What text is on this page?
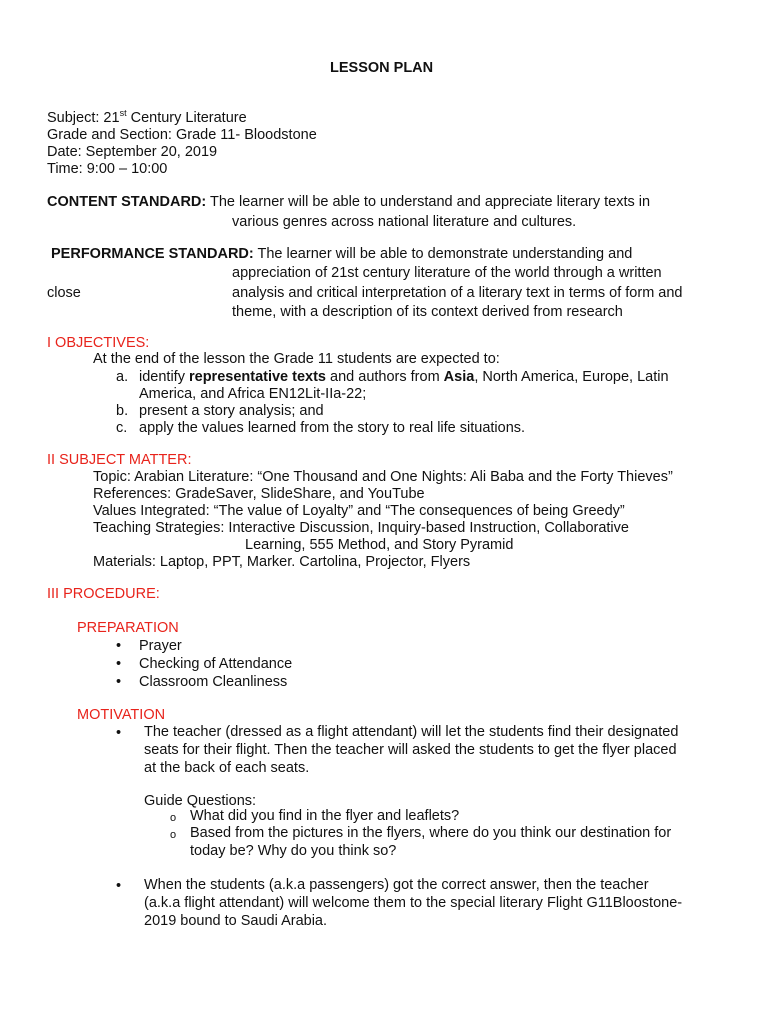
LESSON PLAN
Subject: 21st Century Literature
Grade and Section: Grade 11- Bloodstone
Date: September 20, 2019
Time: 9:00 – 10:00
CONTENT STANDARD: The learner will be able to understand and appreciate literary texts in
various genres across national literature and cultures.
PERFORMANCE STANDARD: The learner will be able to demonstrate understanding and
appreciation of 21st century literature of the world through a written
close	analysis and critical interpretation of a literary text in terms of form and
theme, with a description of its context derived from research
I OBJECTIVES:
At the end of the lesson the Grade 11 students are expected to:
a. identify representative texts and authors from Asia, North America, Europe, Latin
America, and Africa EN12Lit-IIa-22;
b. present a story analysis; and
c. apply the values learned from the story to real life situations.
II SUBJECT MATTER:
Topic: Arabian Literature: “One Thousand and One Nights: Ali Baba and the Forty Thieves”
References: GradeSaver, SlideShare, and YouTube
Values Integrated: “The value of Loyalty” and “The consequences of being Greedy”
Teaching Strategies: Interactive Discussion, Inquiry-based Instruction, Collaborative
Learning, 555 Method, and Story Pyramid
Materials: Laptop, PPT, Marker. Cartolina, Projector, Flyers
III PROCEDURE:
PREPARATION
• Prayer
• Checking of Attendance
• Classroom Cleanliness
MOTIVATION
• The teacher (dressed as a flight attendant) will let the students find their designated
seats for their flight. Then the teacher will asked the students to get the flyer placed
at the back of each seats.
Guide Questions:
o What did you find in the flyer and leaflets?
o Based from the pictures in the flyers, where do you think our destination for
today be? Why do you think so?
• When the students (a.k.a passengers) got the correct answer, then the teacher
(a.k.a flight attendant) will welcome them to the special literary Flight G11Bloostone-
2019 bound to Saudi Arabia.
